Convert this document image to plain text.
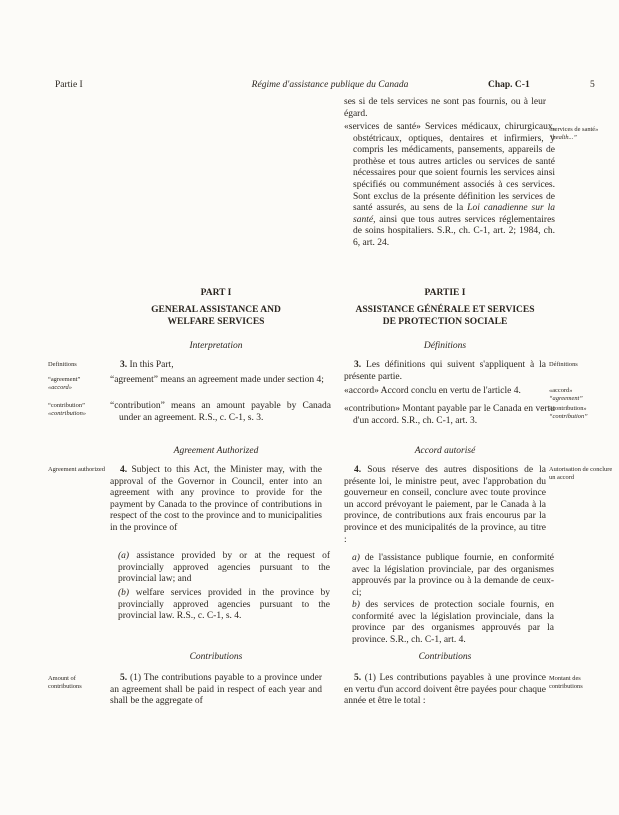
Partie I	Régime d'assistance publique du Canada	Chap. C-1	5

ses si de tels services ne sont pas fournis, ou à leur égard.

«services de santé» Services médicaux, chirurgicaux, obstétricaux, optiques, dentaires et infirmiers, y compris les médicaments, pansements, appareils de prothèse et tous autres articles ou services de santé nécessaires pour que soient fournis les services ainsi spécifiés ou communément associés à ces services. Sont exclus de la présente définition les services de santé assurés, au sens de la Loi canadienne sur la santé, ainsi que tous autres services réglementaires de soins hospitaliers. S.R., ch. C-1, art. 2; 1984, ch. 6, art. 24.

«services de santé»
“health...”

PART I	PARTIE I

GENERAL ASSISTANCE AND
WELFARE SERVICES
ASSISTANCE GÉNÉRALE ET SERVICES
DE PROTECTION SOCIALE

Interpretation	Définitions

3. In this Part,	3. Les définitions qui suivent s'appliquent à la présente partie.

Definitions	Définitions

“agreement” means an agreement made under section 4;

“agreement”
«accord»	«accord» Accord conclu en vertu de l'article 4.	«accord»
“agreement”

“contribution” means an amount payable by Canada under an agreement. R.S., c. C-1, s. 3.

“contribution”
«contribution»	«contribution» Montant payable par le Canada en vertu d'un accord. S.R., ch. C-1, art. 3.

«contribution»
“contribution”

Agreement Authorized	Accord autorisé

4. Subject to this Act, the Minister may, with the approval of the Governor in Council, enter into an agreement with any province to provide for the payment by Canada to the province of contributions in respect of the cost to the province and to municipalities in the province of

Agreement authorized	4. Sous réserve des autres dispositions de la présente loi, le ministre peut, avec l'approbation du gouverneur en conseil, conclure avec toute province un accord prévoyant le paiement, par le Canada à la province, de contributions aux frais encourus par la province et des municipalités de la province, au titre :

Autorisation de conclure un accord

(a) assistance provided by or at the request of provincially approved agencies pursuant to the provincial law; and

(b) welfare services provided in the province by provincially approved agencies pursuant to the provincial law. R.S., c. C-1, s. 4.

a) de l'assistance publique fournie, en conformité avec la législation provinciale, par des organismes approuvés par la province ou à la demande de ceux-ci;

b) des services de protection sociale fournis, en conformité avec la législation provinciale, dans la province par des organismes approuvés par la province. S.R., ch. C-1, art. 4.

Contributions	Contributions

5. (1) The contributions payable to a province under an agreement shall be paid in respect of each year and shall be the aggregate of

Amount of contributions

5. (1) Les contributions payables à une province en vertu d'un accord doivent être payées pour chaque année et être le total :

Montant des contributions
